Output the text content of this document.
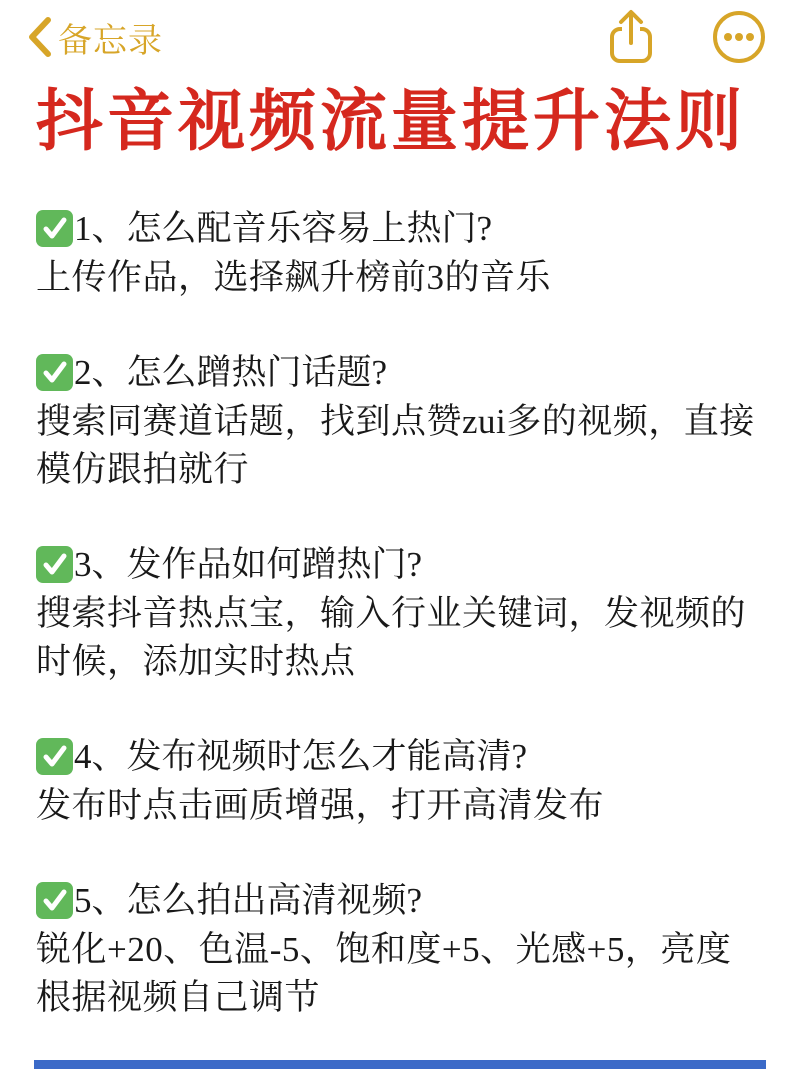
备忘录
抖音视频流量提升法则
1、 怎么配音乐容易上热门?
上传作品，选择飙升榜前3的音乐
2、 怎么蹭热门话题?
搜索同赛道话题，找到点赞zui多的视频，直接模仿跟拍就行
3、 发作品如何蹭热门?
搜索抖音热点宝，输入行业关键词，发视频的时候，添加实时热点
4、 发布视频时怎么才能高清?
发布时点击画质增强，打开高清发布
5、 怎么拍出高清视频?
锐化+20、色温-5、饱和度+5、光感+5，亮度根据视频自己调节
